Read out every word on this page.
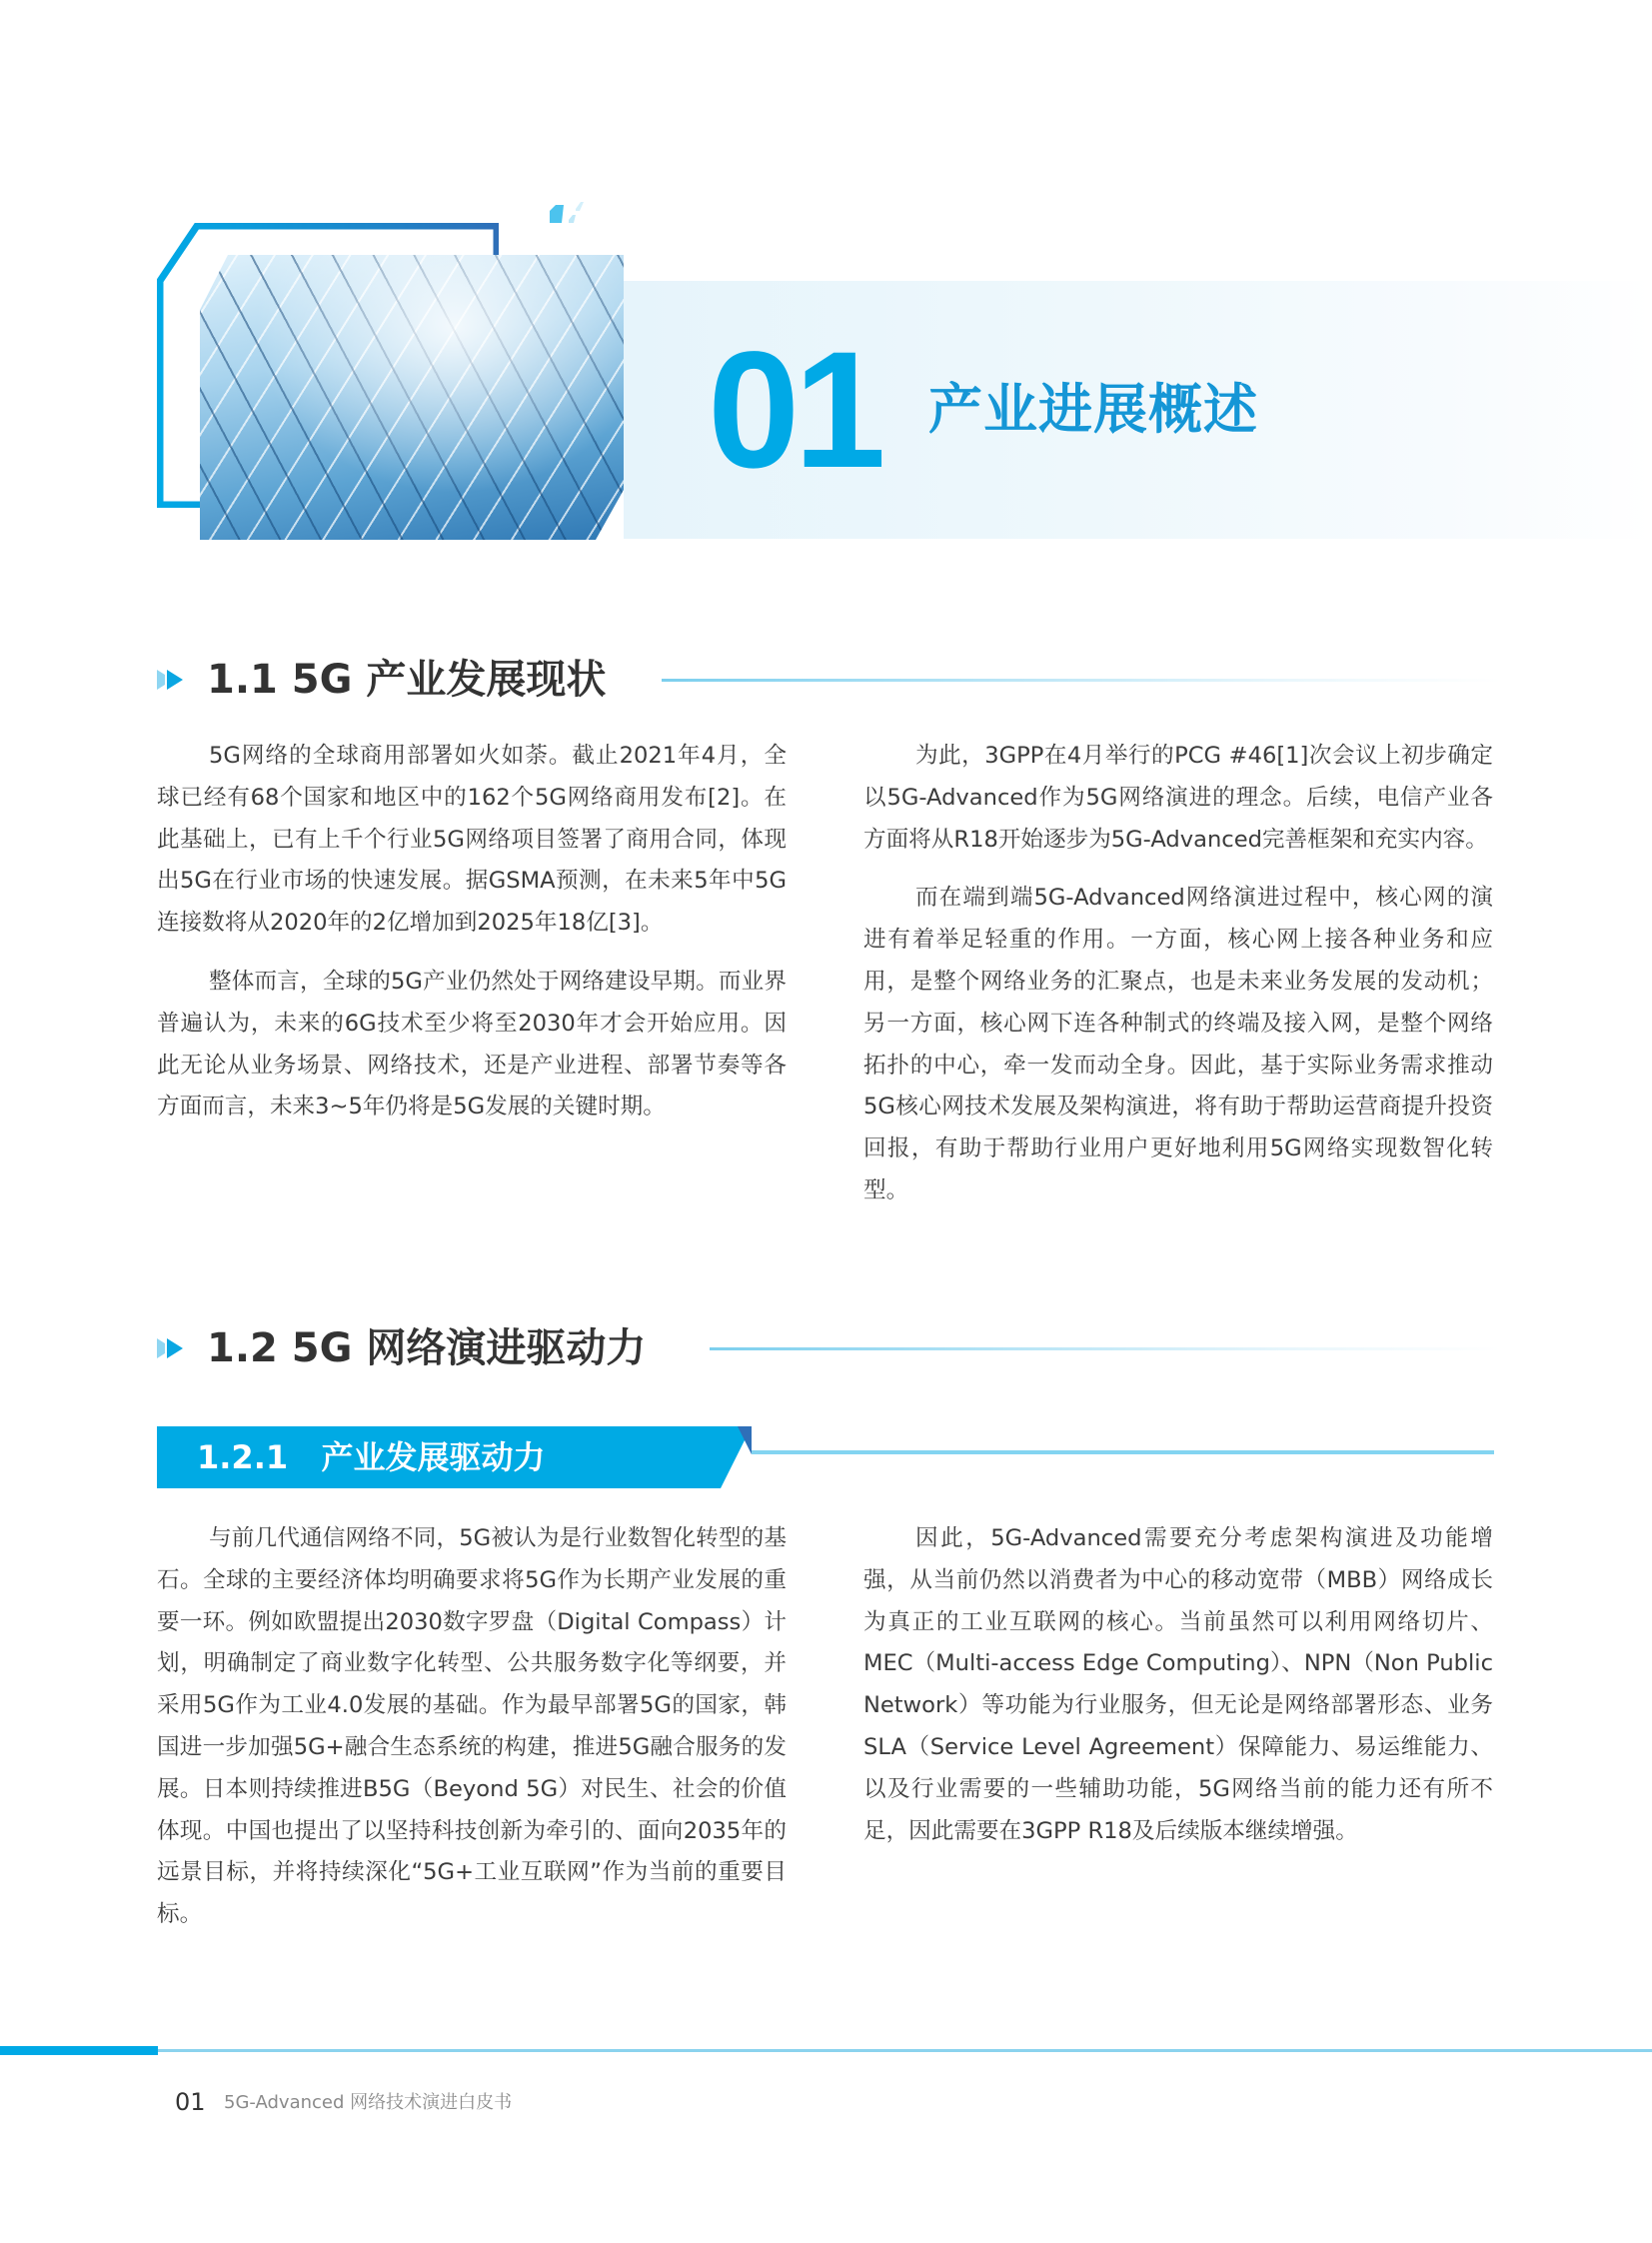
01 产业进展概述
1.1 5G 产业发展现状

5G网络的全球商用部署如火如荼。截止2021年4月，全球已经有68个国家和地区中的162个5G网络商用发布[2]。在此基础上，已有上千个行业5G网络项目签署了商用合同，体现出5G在行业市场的快速发展。据GSMA预测，在未来5年中5G连接数将从2020年的2亿增加到2025年18亿[3]。

整体而言，全球的5G产业仍然处于网络建设早期。而业界普遍认为，未来的6G技术至少将至2030年才会开始应用。因此无论从业务场景、网络技术，还是产业进程、部署节奏等各方面而言，未来3~5年仍将是5G发展的关键时期。

为此，3GPP在4月举行的PCG #46[1]次会议上初步确定以5G-Advanced作为5G网络演进的理念。后续，电信产业各方面将从R18开始逐步为5G-Advanced完善框架和充实内容。

而在端到端5G-Advanced网络演进过程中，核心网的演进有着举足轻重的作用。一方面，核心网上接各种业务和应用，是整个网络业务的汇聚点，也是未来业务发展的发动机；另一方面，核心网下连各种制式的终端及接入网，是整个网络拓扑的中心，牵一发而动全身。因此，基于实际业务需求推动5G核心网技术发展及架构演进，将有助于帮助运营商提升投资回报，有助于帮助行业用户更好地利用5G网络实现数智化转型。

1.2 5G 网络演进驱动力
1.2.1   产业发展驱动力

与前几代通信网络不同，5G被认为是行业数智化转型的基石。全球的主要经济体均明确要求将5G作为长期产业发展的重要一环。例如欧盟提出2030数字罗盘（Digital Compass）计划，明确制定了商业数字化转型、公共服务数字化等纲要，并采用5G作为工业4.0发展的基础。作为最早部署5G的国家，韩国进一步加强5G+融合生态系统的构建，推进5G融合服务的发展。日本则持续推进B5G（Beyond 5G）对民生、社会的价值体现。中国也提出了以坚持科技创新为牵引的、面向2035年的远景目标，并将持续深化“5G+工业互联网”作为当前的重要目标。

因此，5G-Advanced需要充分考虑架构演进及功能增强，从当前仍然以消费者为中心的移动宽带（MBB）网络成长为真正的工业互联网的核心。当前虽然可以利用网络切片、MEC（Multi-access Edge Computing）、NPN（Non Public Network）等功能为行业服务，但无论是网络部署形态、业务SLA（Service Level Agreement）保障能力、易运维能力、以及行业需要的一些辅助功能，5G网络当前的能力还有所不足，因此需要在3GPP R18及后续版本继续增强。

01 5G-Advanced 网络技术演进白皮书
